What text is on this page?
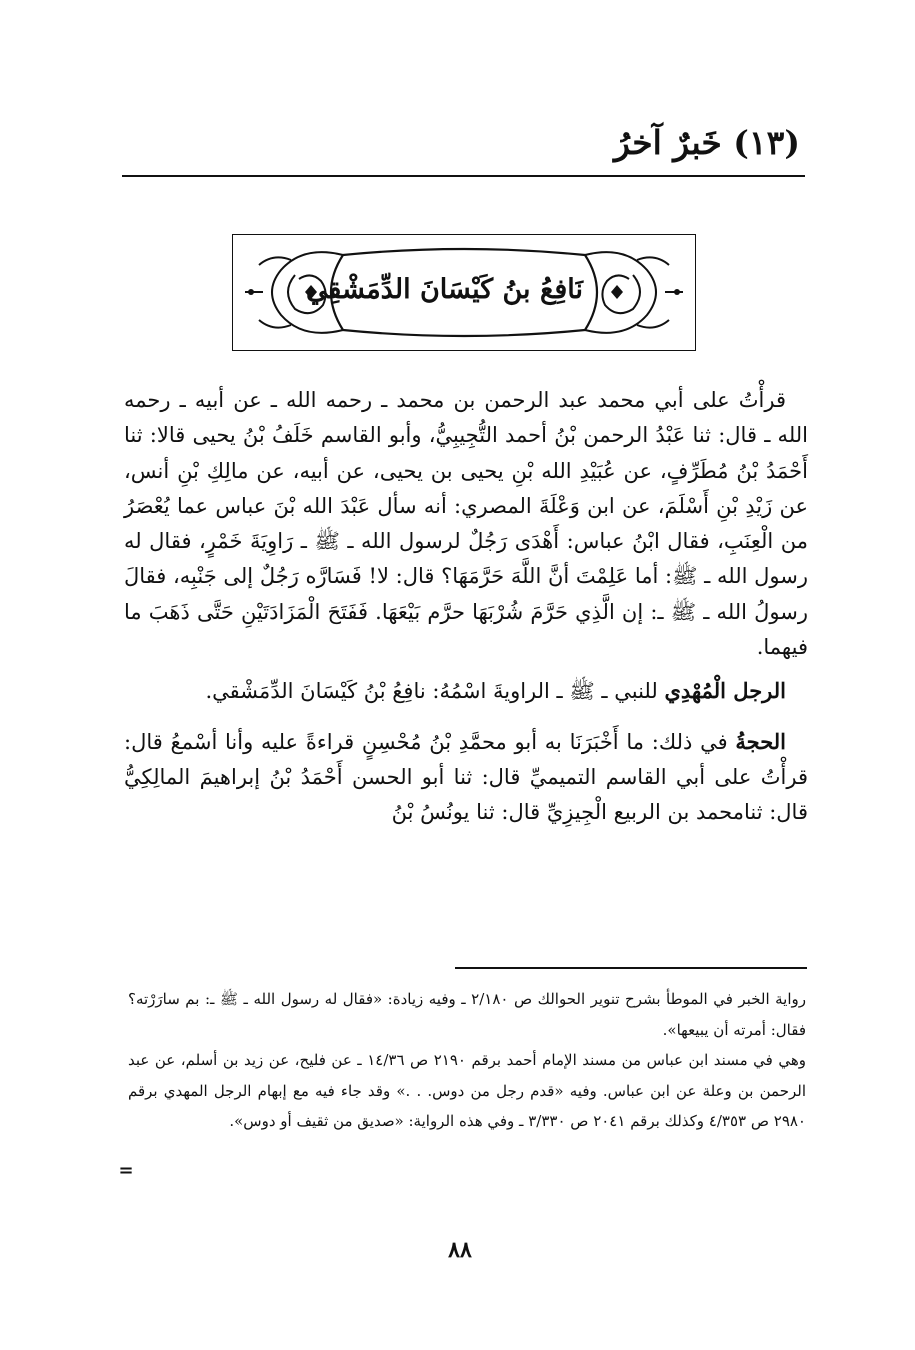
(١٣) خَبرٌ آخرُ
نَافِعُ بنُ كَيْسَانَ الدِّمَشْقِي

قرأْتُ على أبي محمد عبد الرحمن بن محمد ـ رحمه الله ـ عن أبيه ـ رحمه الله ـ قال: ثنا عَبْدُ الرحمن بْنُ أحمد التُّجِيبِيُّ، وأبو القاسم خَلَفُ بْنُ يحيى قالا: ثنا أَحْمَدُ بْنُ مُطَرِّفٍ، عن عُبَيْدِ الله بْنِ يحيى بن يحيى، عن أبيه، عن مالِكِ بْنِ أنس، عن زَيْدِ بْنِ أَسْلَمَ، عن ابن وَعْلَةَ المصري: أنه سأل عَبْدَ الله بْنَ عباس عما يُعْصَرُ من الْعِنَبِ، فقال ابْنُ عباس: أَهْدَى رَجُلٌ لرسول الله ـ ﷺ ـ رَاوِيَةَ خَمْرٍ، فقال له رسول الله ـ ﷺ: أما عَلِمْتَ أنَّ اللَّهَ حَرَّمَهَا؟ قال: لا! فَسَارَّه رَجُلٌ إلى جَنْبِه، فقالَ رسولُ الله ـ ﷺ ـ: إن الَّذِي حَرَّمَ شُرْبَهَا حرَّم بَيْعَهَا. فَفَتَحَ الْمَزَادَتَيْنِ حَتَّى ذَهَبَ ما فيهما.

الرجل الْمُهْدِي للنبي ـ ﷺ ـ الراويةَ اسْمُهُ: نافِعُ بْنُ كَيْسَانَ الدِّمَشْقي.

الحجةُ في ذلك: ما أَخْبَرَنَا به أبو محمَّدِ بْنُ مُحْسِنٍ قراءةً عليه وأنا أسْمعُ قال: قرأْتُ على أبي القاسم التميميِّ قال: ثنا أبو الحسن أَحْمَدُ بْنُ إبراهيمَ المالِكِيُّ قال: ثنامحمد بن الربيع الْجِيزِيِّ قال: ثنا يونُسُ بْنُ

رواية الخبر في الموطأ بشرح تنوير الحوالك ص ٢/١٨٠ ـ وفيه زيادة: «فقال له رسول الله ـ ﷺ ـ: بم سارَرْته؟ فقال: أمرته أن يبيعها».

وهي في مسند ابن عباس من مسند الإمام أحمد برقم ٢١٩٠ ص ١٤/٣٦ ـ عن فليح، عن زيد بن أسلم، عن عبد الرحمن بن وعلة عن ابن عباس. وفيه «قدم رجل من دوس. . .» وقد جاء فيه مع إبهام الرجل المهدي برقم ٢٩٨٠ ص ٤/٣٥٣ وكذلك برقم ٢٠٤١ ص ٣/٣٣٠ ـ وفي هذه الرواية: «صديق من ثقيف أو دوس».

=
٨٨
